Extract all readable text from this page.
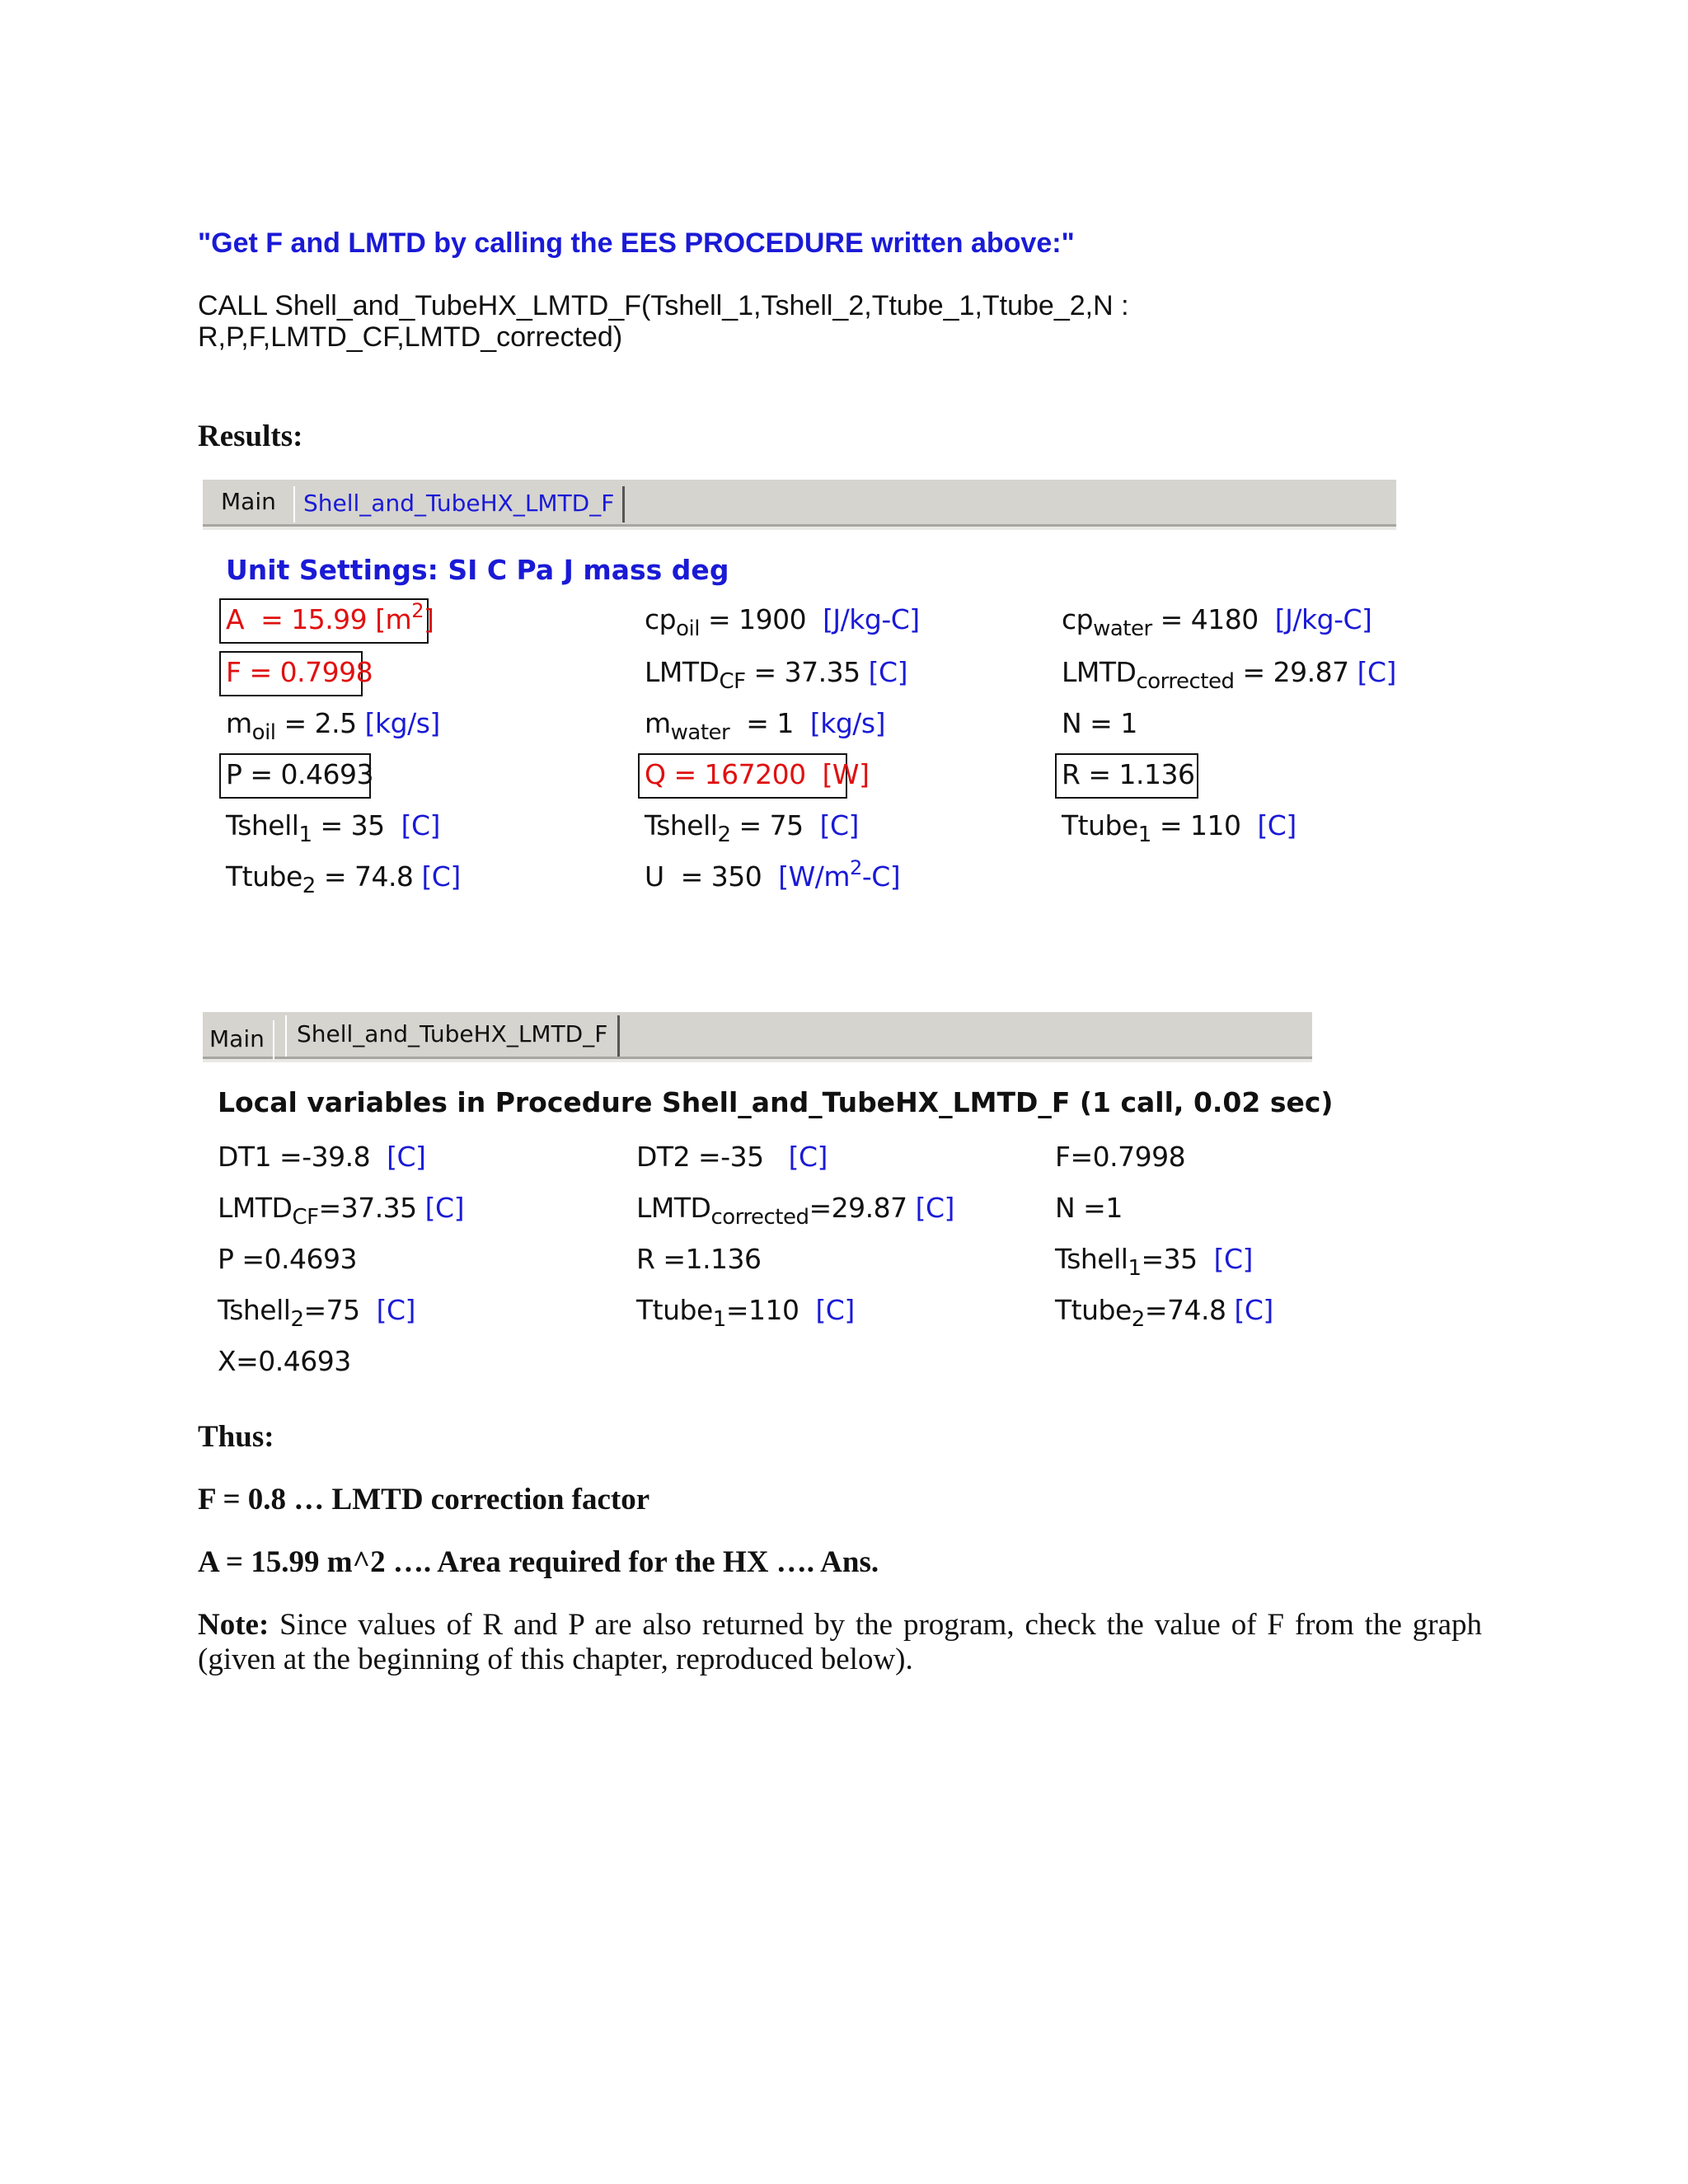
"Get F and LMTD by calling the EES PROCEDURE written above:"
CALL Shell_and_TubeHX_LMTD_F(Tshell_1,Tshell_2,Ttube_1,Ttube_2,N :
R,P,F,LMTD_CF,LMTD_corrected)
Results:
Main	Shell_and_TubeHX_LMTD_F
Unit Settings: SI C Pa J mass deg
A = 15.99 $[m^2]$	$cp_{oil} = 1900$ [J/kg-C]	$cp_{water} = 4180$ [J/kg-C]
F = 0.7998	$LMTD_{CF} = 37.35$ [C]	$LMTD_{corrected} = 29.87$ [C]
$m_{oil} = 2.5$ [kg/s]	$m_{water} = 1$ [kg/s]	N = 1
P = 0.4693	Q = 167200 [W]	R = 1.136
Tshell$_1$ = 35 [C]	Tshell$_2$ = 75 [C]	Ttube$_1$ = 110 [C]
Ttube$_2$ = 74.8 [C]	U = 350 $[W/m^2-C]$
Main	Shell_and_TubeHX_LMTD_F
Local variables in Procedure Shell_and_TubeHX_LMTD_F (1 call, 0.02 sec)
DT1 =-39.8 [C]	DT2 =-35 [C]	F=0.7998
$LMTD_{CF}=37.35$ [C]	$LMTD_{corrected}=29.87$ [C]	N =1
P =0.4693	R =1.136	Tshell$_1$=35 [C]
Tshell$_2$=75 [C]	Ttube$_1$=110 [C]	Ttube$_2$=74.8 [C]
X=0.4693
Thus:
F = 0.8 … LMTD correction factor
A = 15.99 m^2 …. Area required for the HX …. Ans.
Note: Since values of R and P are also returned by the program, check the value of F from the graph
(given at the beginning of this chapter, reproduced below).
